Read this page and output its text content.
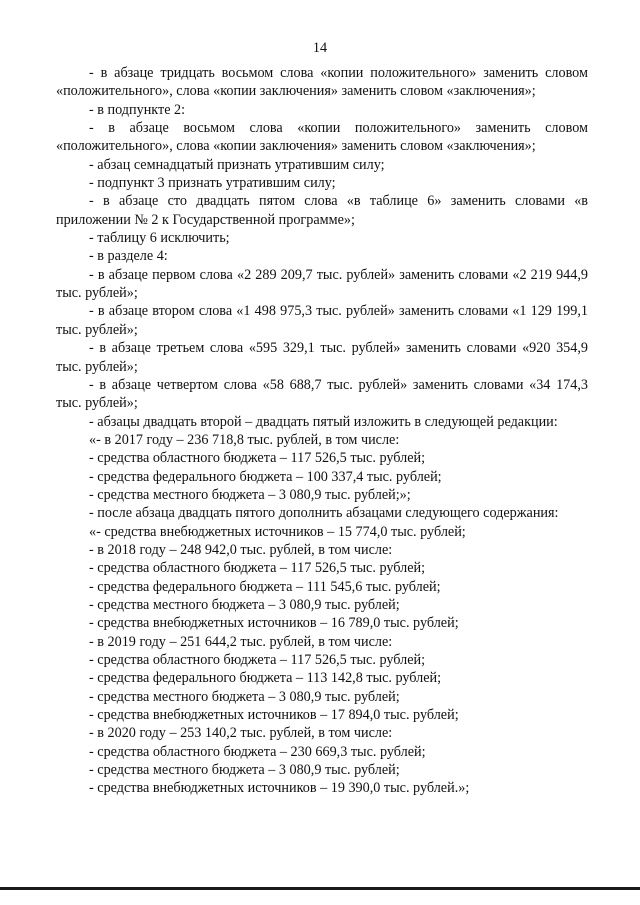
14

- в абзаце тридцать восьмом слова «копии положительного» заменить словом «положительного», слова «копии заключения» заменить словом «заключения»;

- в подпункте 2:

- в абзаце восьмом слова «копии положительного» заменить словом «положительного», слова «копии заключения» заменить словом «заключения»;

- абзац семнадцатый признать утратившим силу;

- подпункт 3 признать утратившим силу;

- в абзаце сто двадцать пятом слова «в таблице 6» заменить словами «в приложении № 2 к Государственной программе»;

- таблицу 6 исключить;

- в разделе 4:

- в абзаце первом слова «2 289 209,7 тыс. рублей» заменить словами «2 219 944,9 тыс. рублей»;

- в абзаце втором слова «1 498 975,3 тыс. рублей» заменить словами «1 129 199,1 тыс. рублей»;

- в абзаце третьем слова «595 329,1 тыс. рублей» заменить словами «920 354,9 тыс. рублей»;

- в абзаце четвертом слова «58 688,7 тыс. рублей» заменить словами «34 174,3 тыс. рублей»;

- абзацы двадцать второй – двадцать пятый изложить в следующей редакции:

«- в 2017 году – 236 718,8 тыс. рублей, в том числе:

- средства областного бюджета – 117 526,5 тыс. рублей;

- средства федерального бюджета – 100 337,4 тыс. рублей;

- средства местного бюджета – 3 080,9 тыс. рублей;»;

- после абзаца двадцать пятого дополнить абзацами следующего содержания:

«- средства внебюджетных источников – 15 774,0 тыс. рублей;

- в 2018 году – 248 942,0 тыс. рублей, в том числе:

- средства областного бюджета – 117 526,5 тыс. рублей;

- средства федерального бюджета – 111 545,6 тыс. рублей;

- средства местного бюджета – 3 080,9 тыс. рублей;

- средства внебюджетных источников – 16 789,0 тыс. рублей;

- в 2019 году – 251 644,2 тыс. рублей, в том числе:

- средства областного бюджета – 117 526,5 тыс. рублей;

- средства федерального бюджета – 113 142,8 тыс. рублей;

- средства местного бюджета – 3 080,9 тыс. рублей;

- средства внебюджетных источников – 17 894,0 тыс. рублей;

- в 2020 году – 253 140,2 тыс. рублей, в том числе:

- средства областного бюджета – 230 669,3 тыс. рублей;

- средства местного бюджета – 3 080,9 тыс. рублей;

- средства внебюджетных источников – 19 390,0 тыс. рублей.»;
